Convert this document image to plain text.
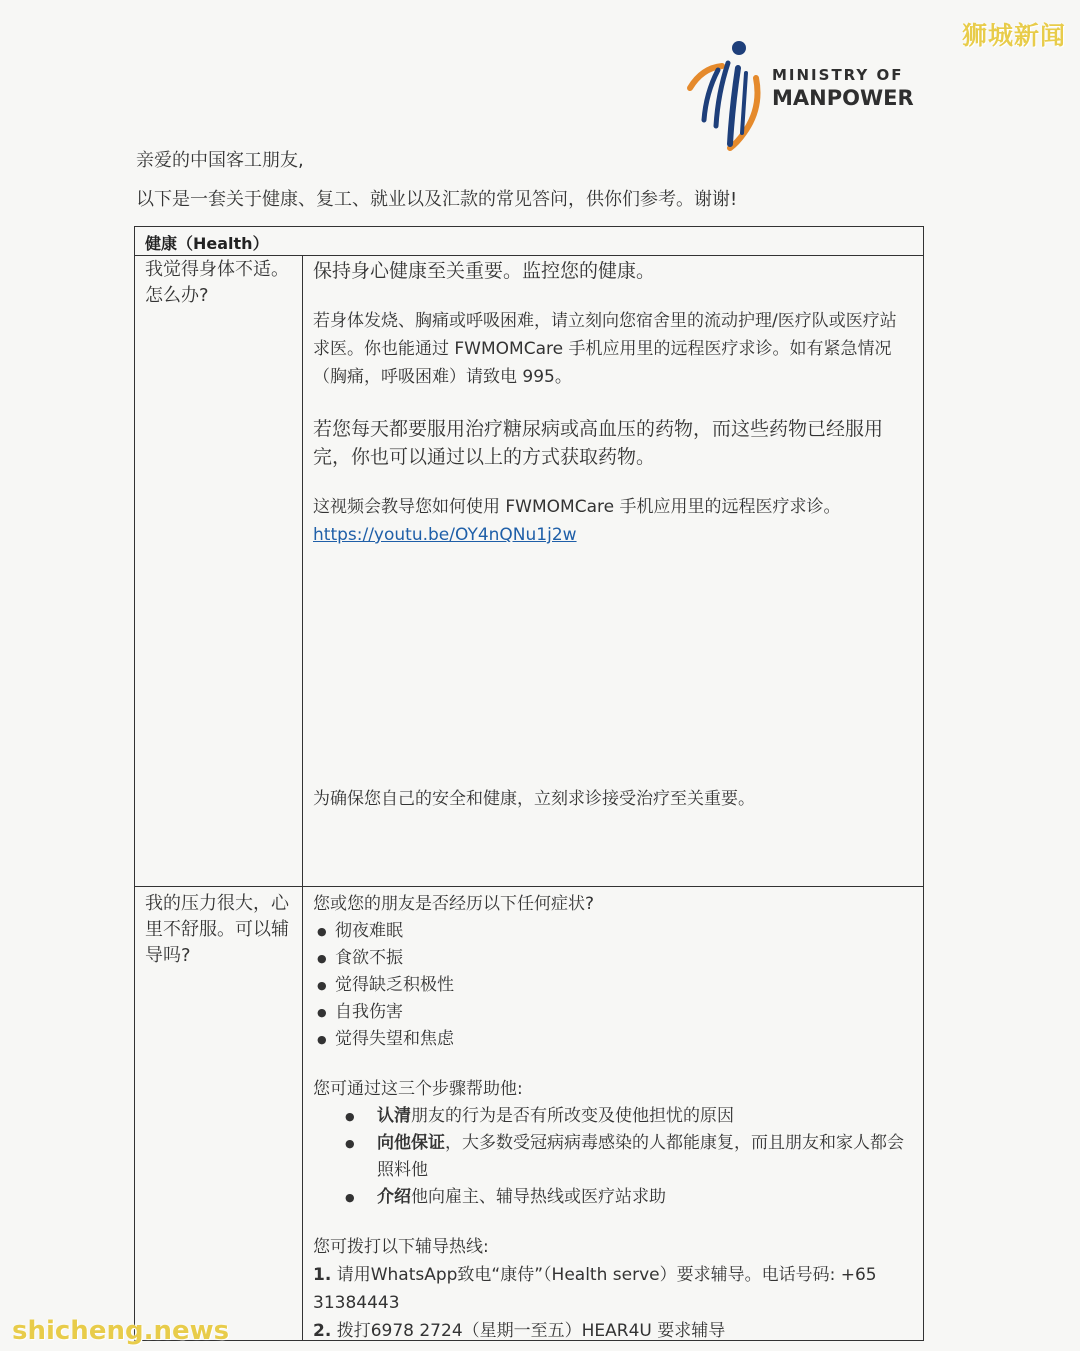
狮城新闻
MINISTRY OF
MANPOWER
亲爱的中国客工朋友,
以下是一套关于健康、复工、就业以及汇款的常见答问，供你们参考。谢谢!
健康（Health）
我觉得身体不适。怎么办?

保持身心健康至关重要。监控您的健康。

若身体发烧、胸痛或呼吸困难，请立刻向您宿舍里的流动护理/医疗队或医疗站求医。你也能通过 FWMOMCare 手机应用里的远程医疗求诊。如有紧急情况（胸痛，呼吸困难）请致电 995。

若您每天都要服用治疗糖尿病或高血压的药物，而这些药物已经服用完，你也可以通过以上的方式获取药物。

这视频会教导您如何使用 FWMOMCare 手机应用里的远程医疗求诊。

https://youtu.be/OY4nQNu1j2w

为确保您自己的安全和健康，立刻求诊接受治疗至关重要。

我的压力很大，心里不舒服。可以辅导吗?

您或您的朋友是否经历以下任何症状?

● 彻夜难眠
● 食欲不振
● 觉得缺乏积极性
● 自我伤害
● 觉得失望和焦虑

您可通过这三个步骤帮助他:

● 认清朋友的行为是否有所改变及使他担忧的原因
● 向他保证，大多数受冠病病毒感染的人都能康复，而且朋友和家人都会照料他
● 介绍他向雇主、辅导热线或医疗站求助

您可拨打以下辅导热线:

1. 请用WhatsApp致电“康侍”（Health serve）要求辅导。电话号码: +65 31384443

2. 拨打6978 2724（星期一至五）HEAR4U 要求辅导

shicheng.news
